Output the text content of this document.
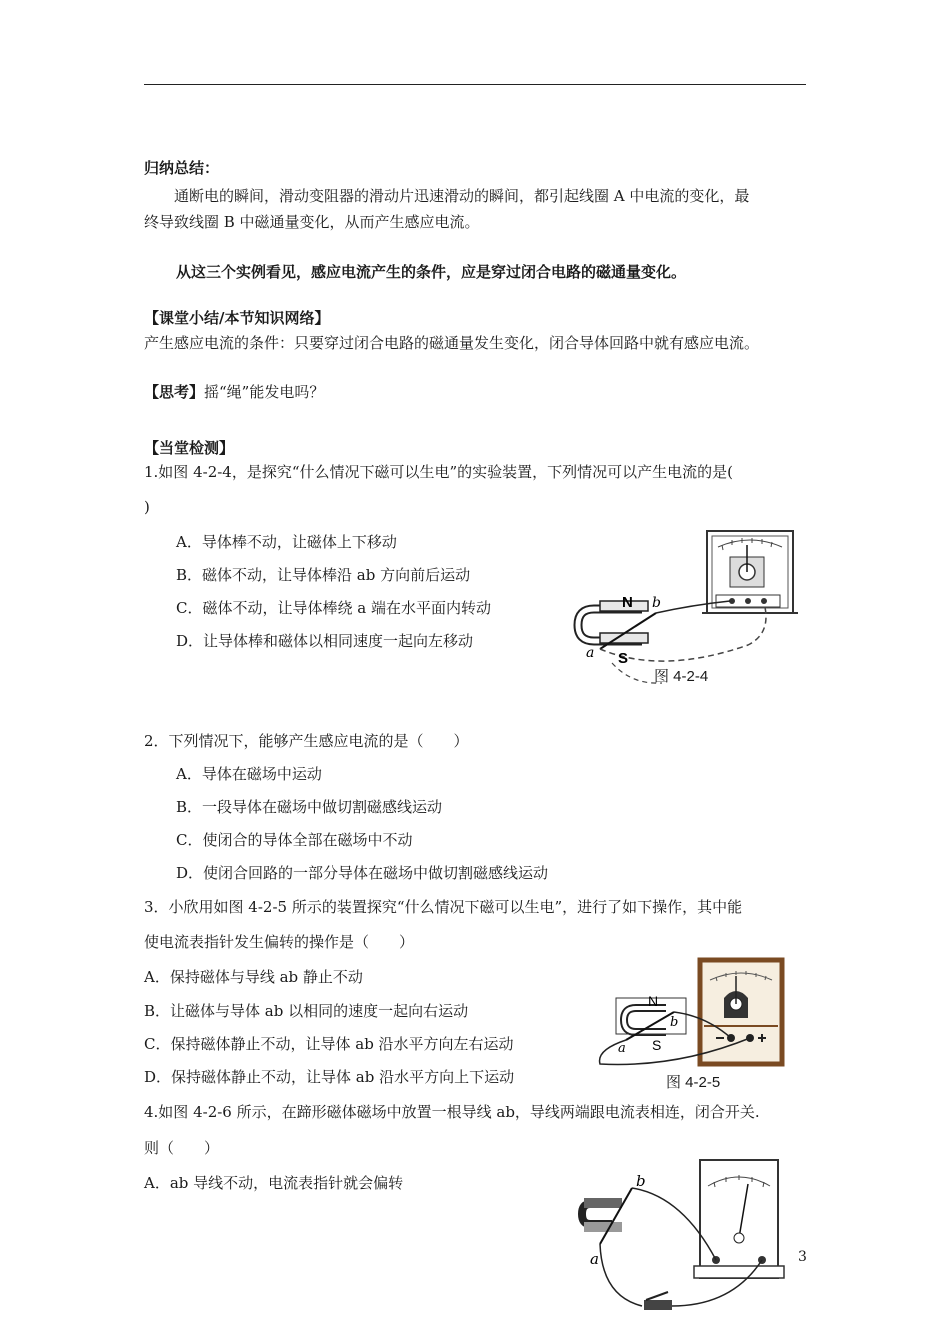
归纳总结：
通断电的瞬间，滑动变阻器的滑动片迅速滑动的瞬间，都引起线圈 A 中电流的变化，最
终导致线圈 B 中磁通量变化，从而产生感应电流。
从这三个实例看见，感应电流产生的条件，应是穿过闭合电路的磁通量变化。
【课堂小结/本节知识网络】
产生感应电流的条件：只要穿过闭合电路的磁通量发生变化，闭合导体回路中就有感应电流。
【思考】摇“绳”能发电吗？
【当堂检测】
1.如图 4-2-4，是探究“什么情况下磁可以生电”的实验装置，下列情况可以产生电流的是(
)
A．导体棒不动，让磁体上下移动
B．磁体不动，让导体棒沿 ab 方向前后运动
C．磁体不动，让导体棒绕 a 端在水平面内转动
D．让导体棒和磁体以相同速度一起向左移动
N
S
a
b
图 4-2-4
2．下列情况下，能够产生感应电流的是（　　）
A．导体在磁场中运动
B．一段导体在磁场中做切割磁感线运动
C．使闭合的导体全部在磁场中不动
D．使闭合回路的一部分导体在磁场中做切割磁感线运动
3．小欣用如图 4-2-5 所示的装置探究“什么情况下磁可以生电”，进行了如下操作，其中能
使电流表指针发生偏转的操作是（　　）
A．保持磁体与导线 ab 静止不动
B．让磁体与导体 ab 以相同的速度一起向右运动
C．保持磁体静止不动，让导体 ab 沿水平方向左右运动
D．保持磁体静止不动，让导体 ab 沿水平方向上下运动
N
S
a
b
图 4-2-5
4.如图 4-2-6 所示，在蹄形磁体磁场中放置一根导线 ab，导线两端跟电流表相连，闭合开关.
则（　　）
A．ab 导线不动，电流表指针就会偏转	b
a	3
